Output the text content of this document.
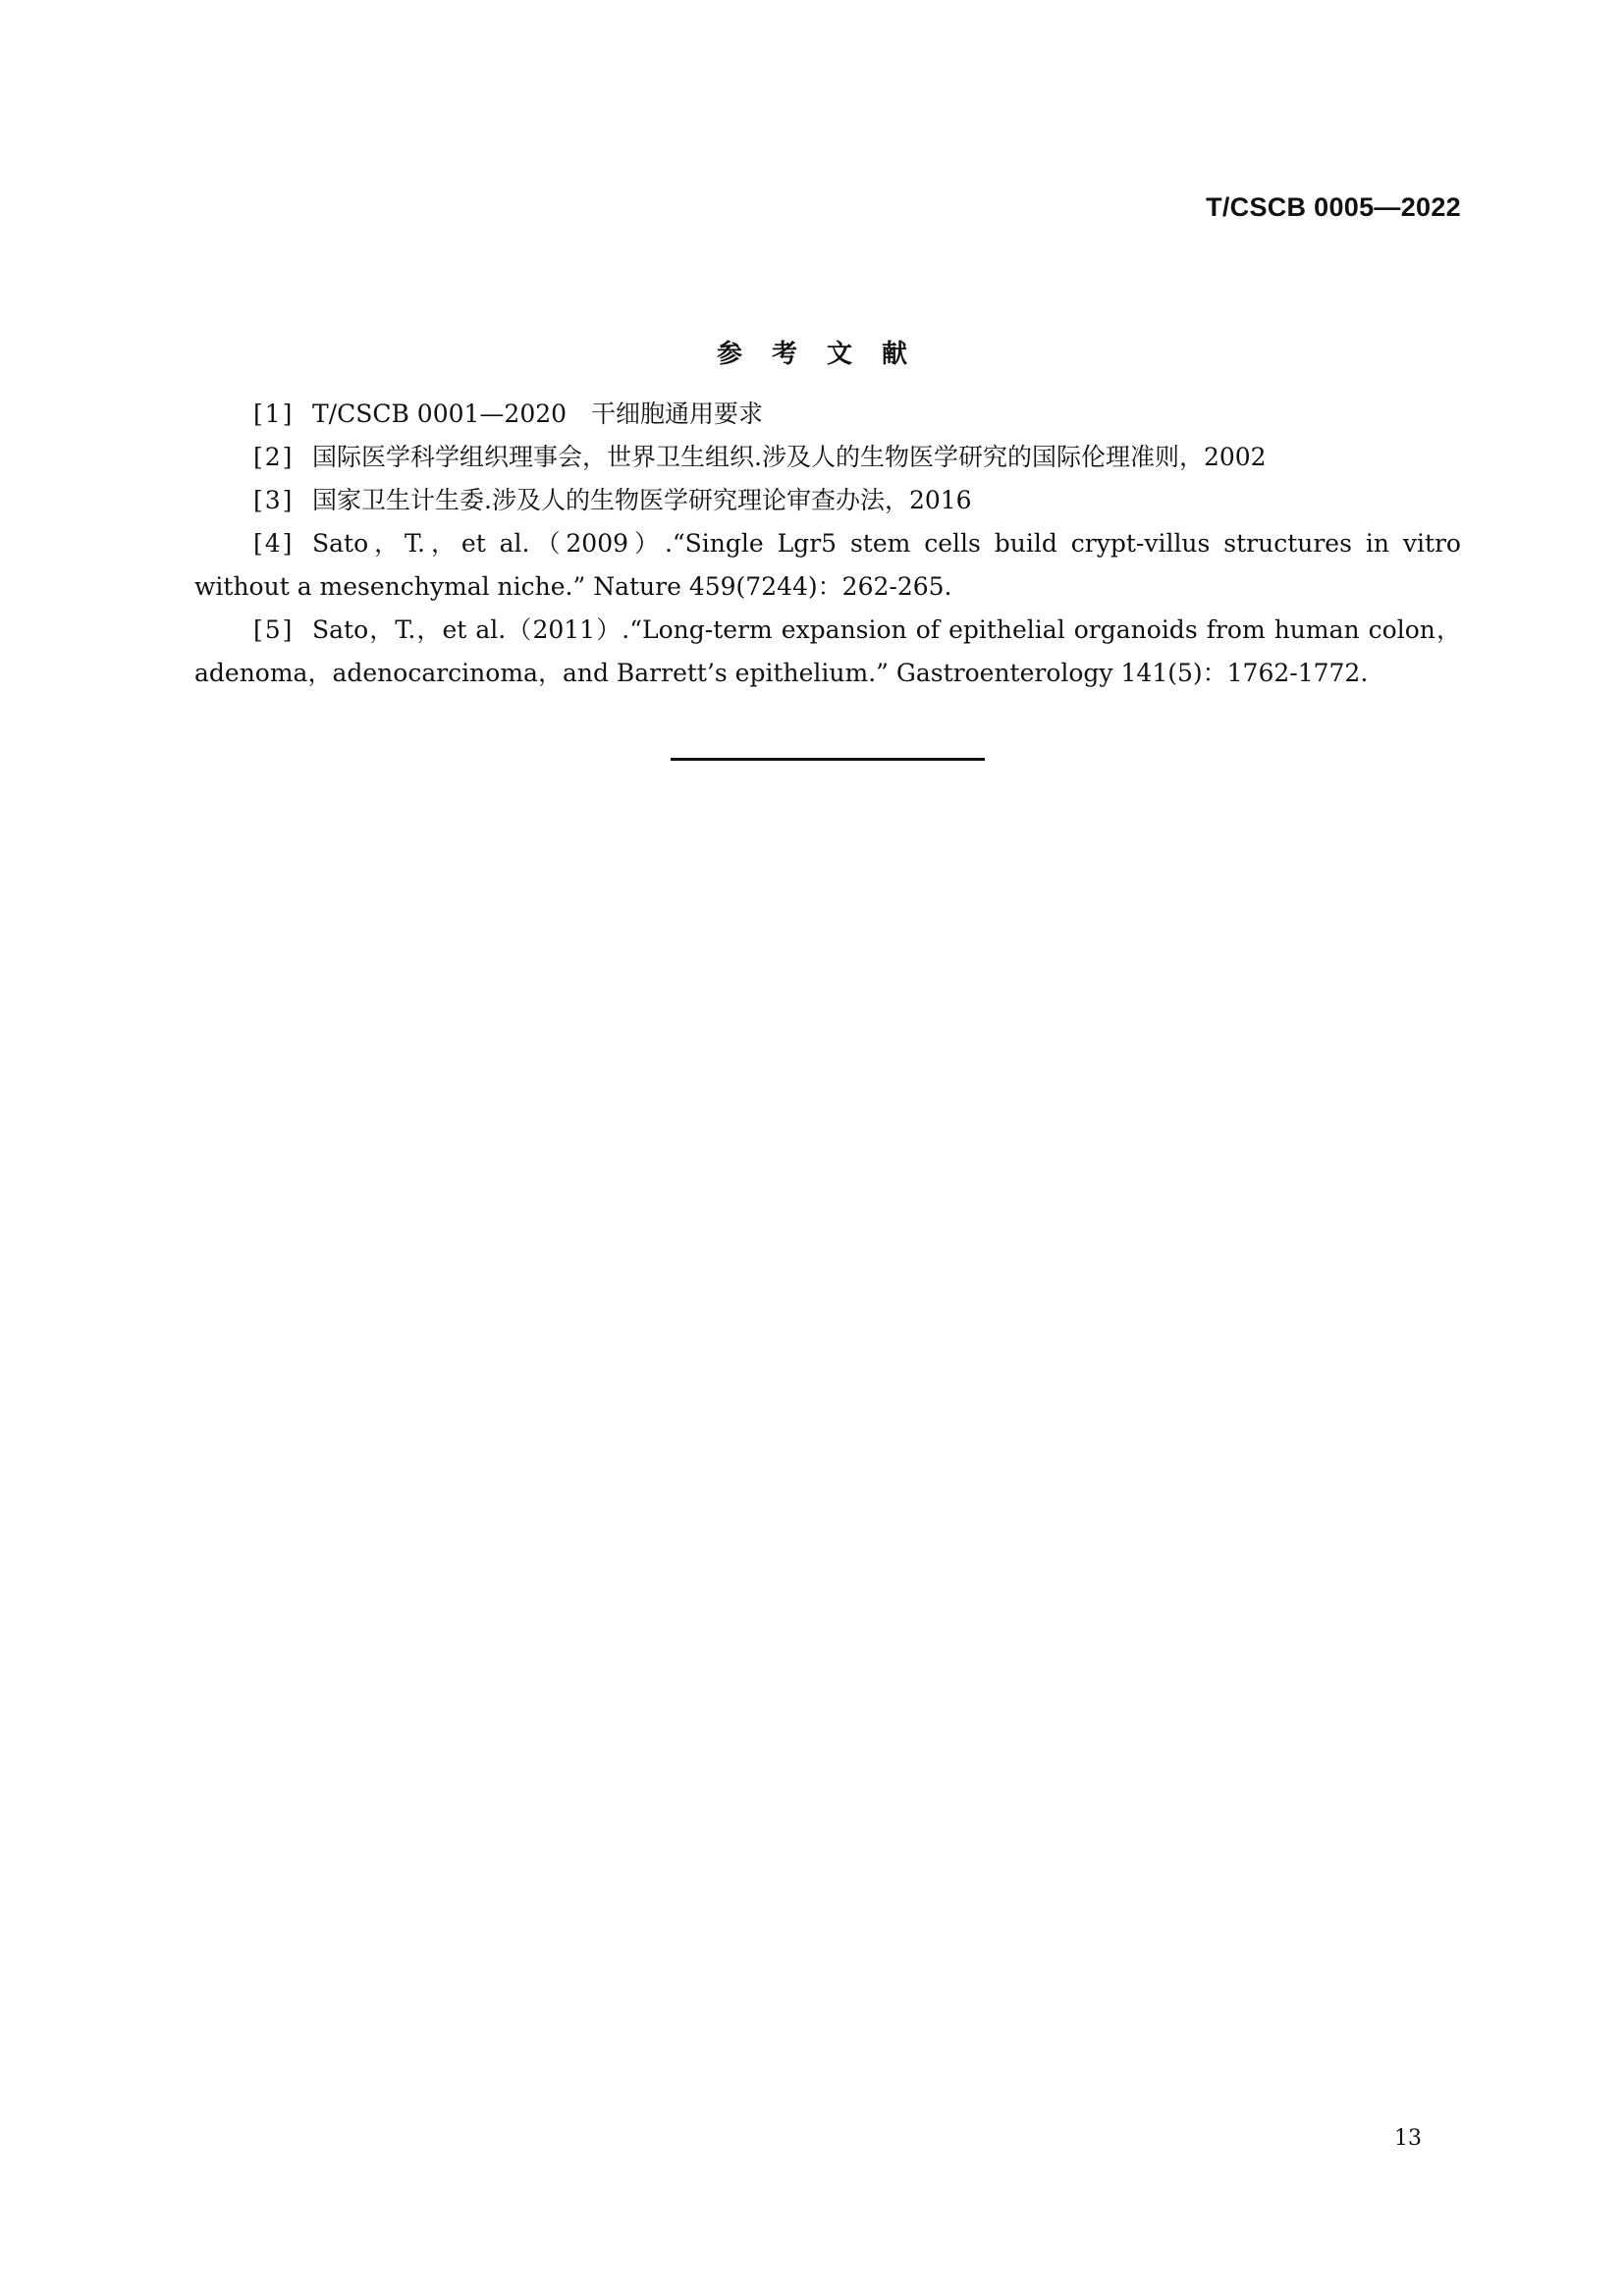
T/CSCB 0005—2022
参考文献
[1] T/CSCB 0001—2020　干细胞通用要求
[2] 国际医学科学组织理事会，世界卫生组织.涉及人的生物医学研究的国际伦理准则，2002
[3] 国家卫生计生委.涉及人的生物医学研究理论审查办法，2016
[4] Sato，T.，et al.（2009）.“Single Lgr5 stem cells build crypt-villus structures in vitro without a mesenchymal niche.” Nature 459(7244)：262-265.
[5] Sato，T.，et al.（2011）.“Long-term expansion of epithelial organoids from human colon，adenoma，adenocarcinoma，and Barrett’s epithelium.” Gastroenterology 141(5)：1762-1772.
13
